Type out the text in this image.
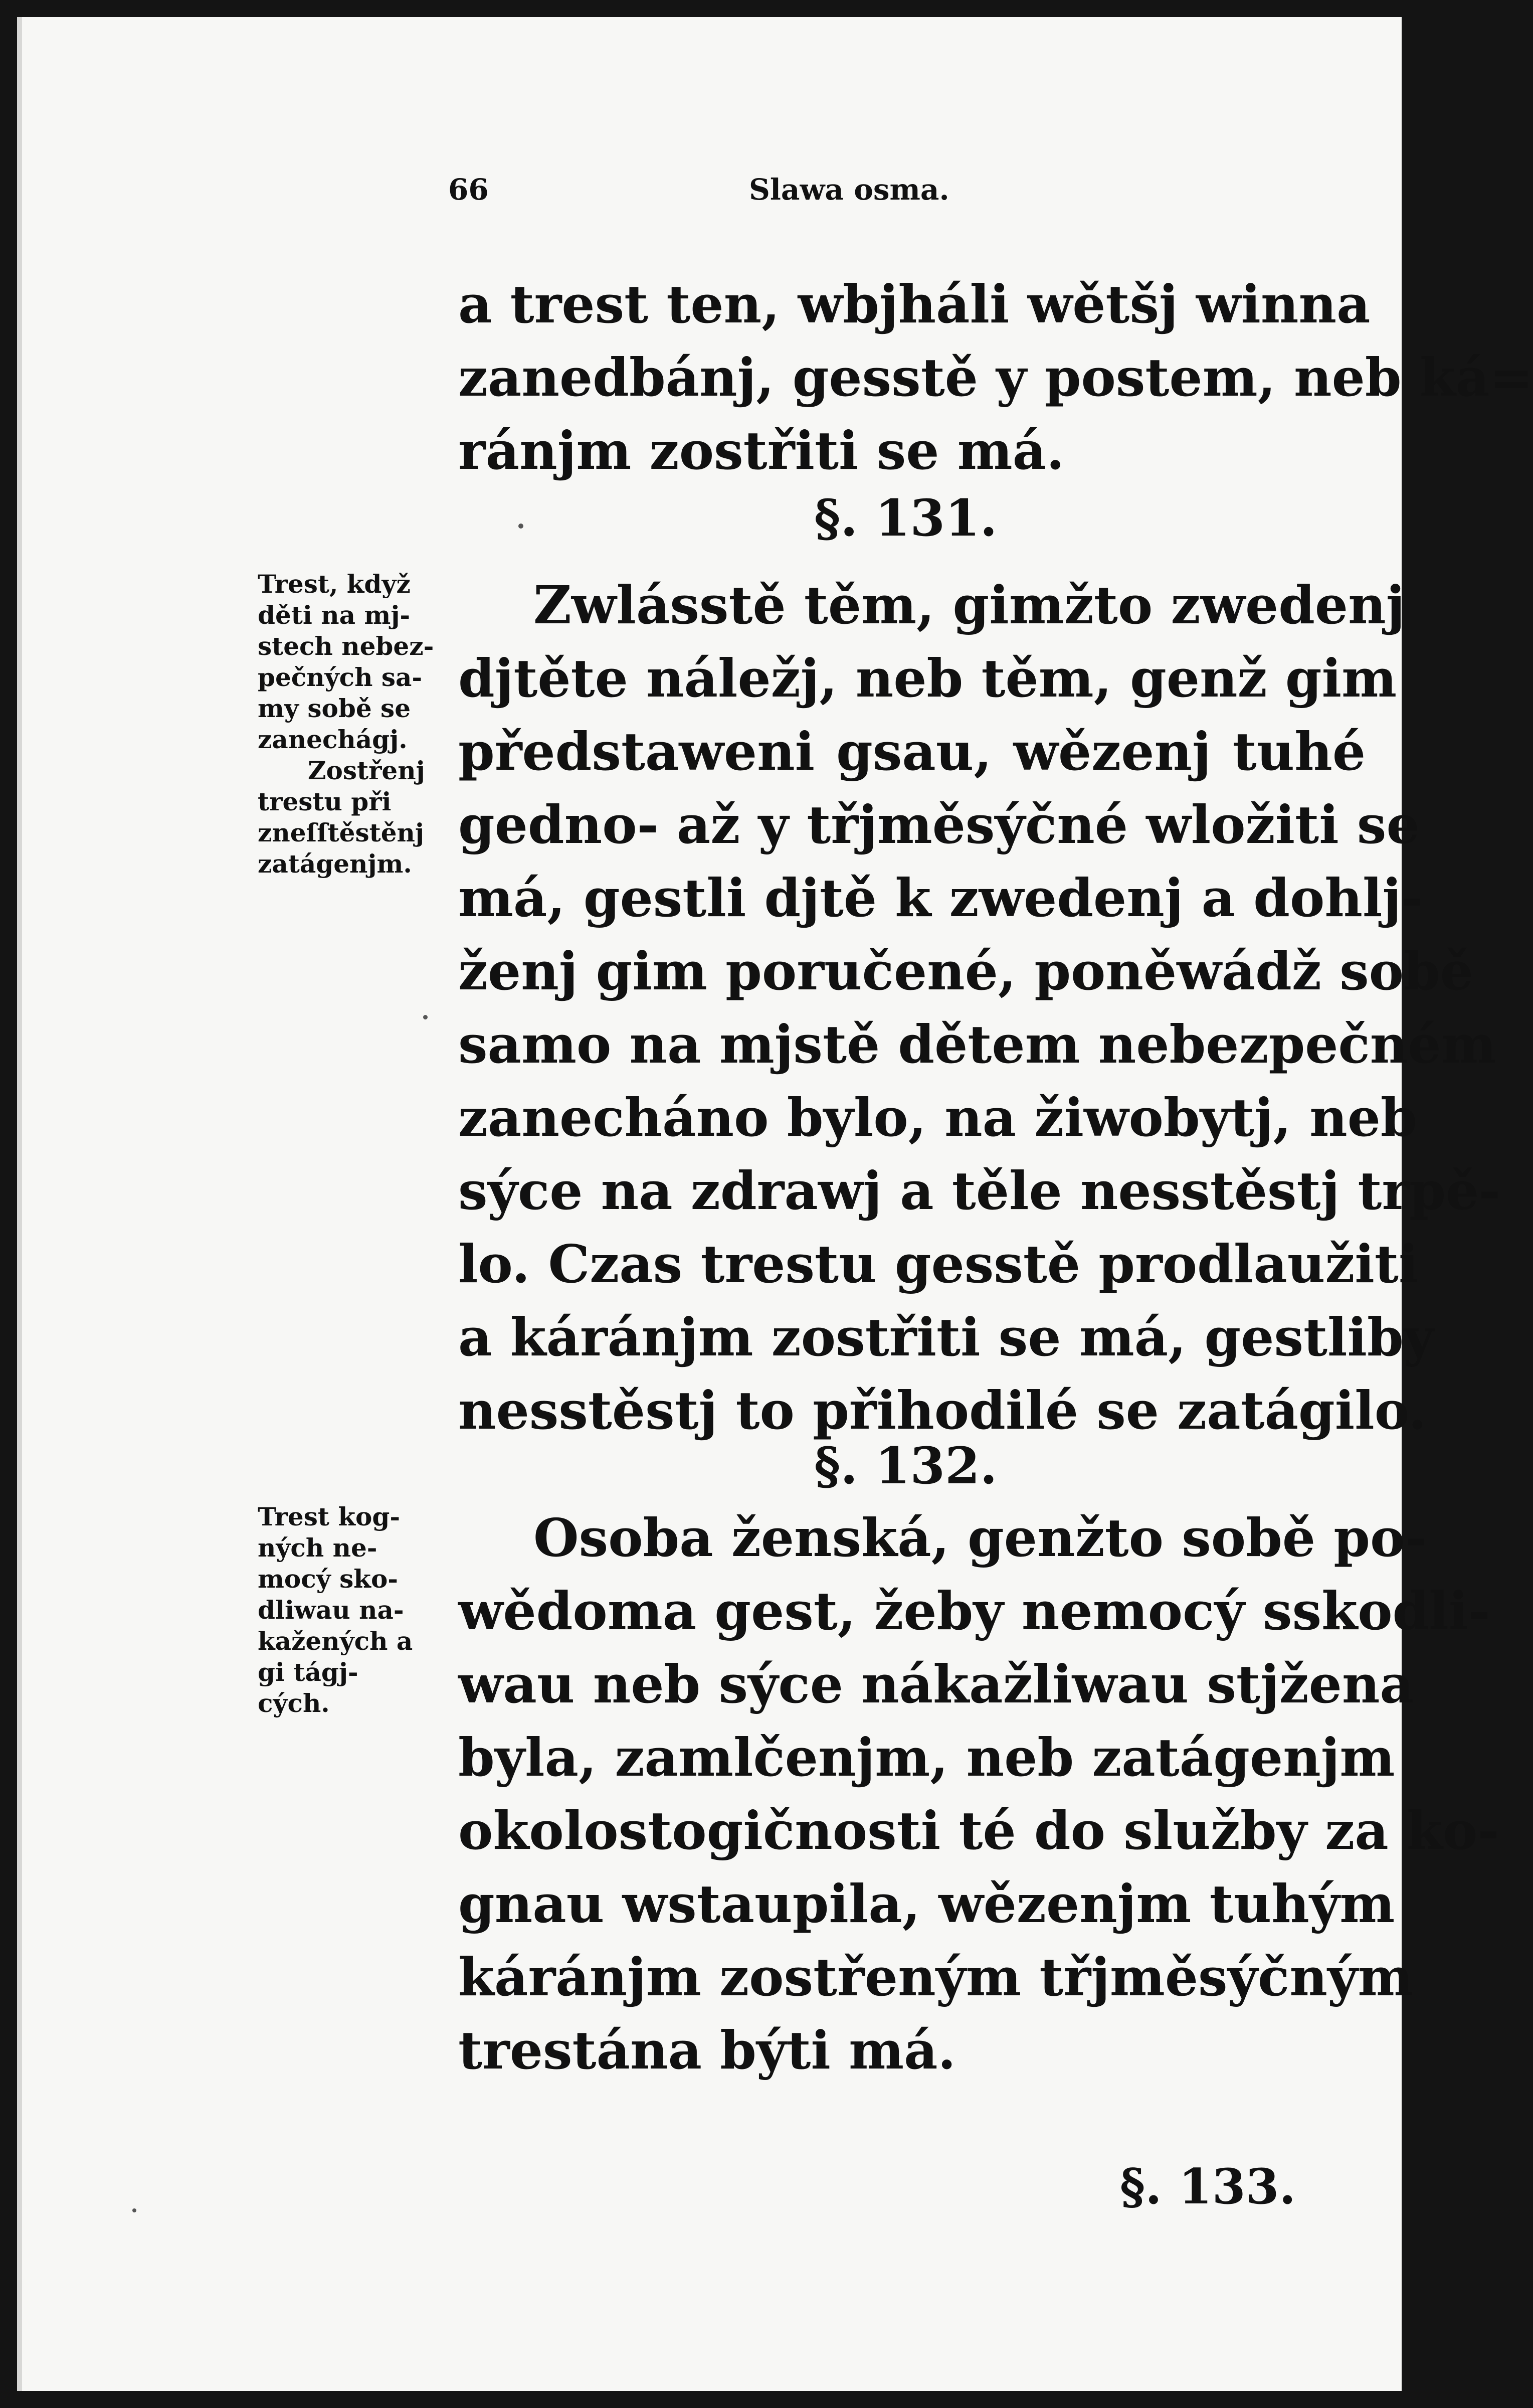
66	Slawa osma.
a trest ten, wbjháli wětšj winna
zanedbánj, gesstě y postem, neb ká=
ránjm zostřiti se má.
§. 131.
Trest, když
děti na mj-
stech nebez-
pečných sa-
my sobě se
zanechágj.
Zostřenj
trestu při
zneſſtěstěnj
zatágenjm.
Zwlásstě těm, gimžto zwedenj
djtěte náležj, neb těm, genž gim
předstaweni gsau, wězenj tuhé
gedno- až y třjměsýčné wložiti se
má, gestli djtě k zwedenj a dohlj-
ženj gim poručené, poněwádž sobě
samo na mjstě dětem nebezpečném
zanecháno bylo, na žiwobytj, neb
sýce na zdrawj a těle nesstěstj trpě-
lo. Czas trestu gesstě prodlaužiti
a káránjm zostřiti se má, gestliby
nesstěstj to přihodilé se zatágilo.
§. 132.
Trest kog-
ných ne-
mocý sko-
dliwau na-
kažených a
gi tágj-
cých.
Osoba ženská, genžto sobě po-
wědoma gest, žeby nemocý sskodli-
wau neb sýce nákažliwau stjžena
byla, zamlčenjm, neb zatágenjm
okolostogičnosti té do služby za ko-
gnau wstaupila, wězenjm tuhým
káránjm zostřeným třjměsýčným
trestána býti má.
§. 133.
